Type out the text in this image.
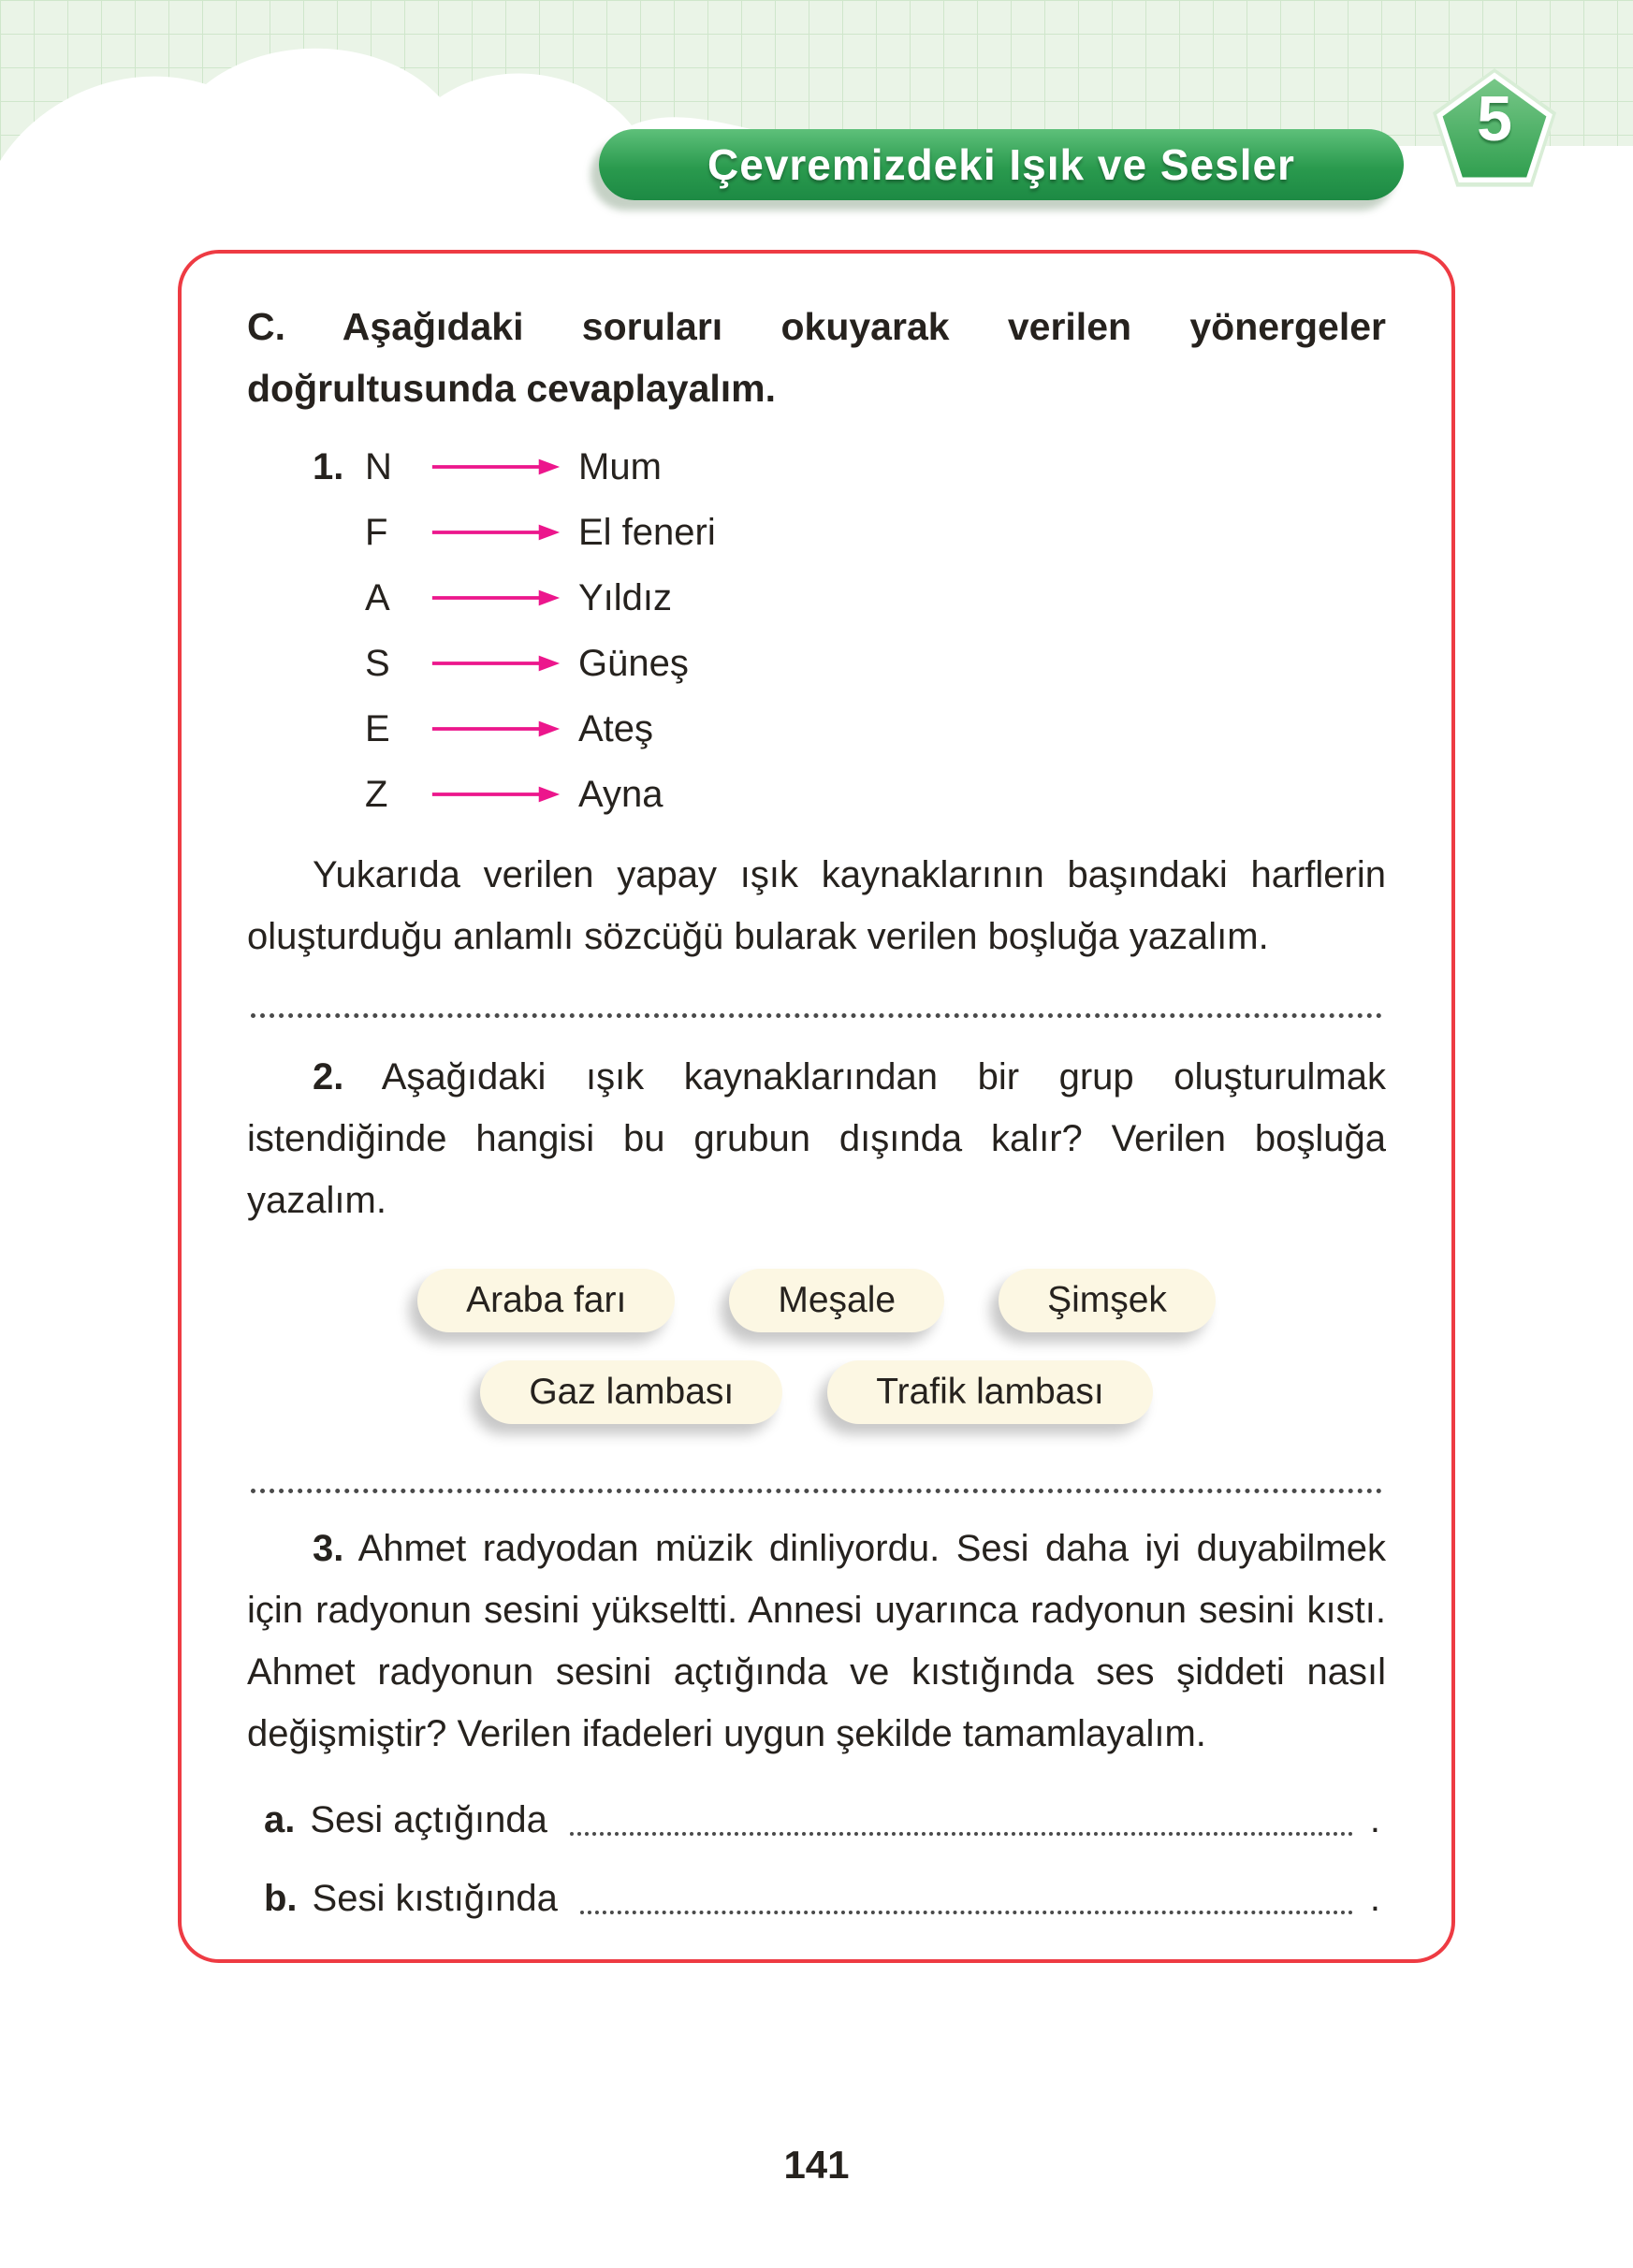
Çevremizdeki Işık ve Sesler
5

C. Aşağıdaki soruları okuyarak verilen yönergeler doğrultusunda cevaplayalım.

1. N	Mum
F	El feneri
A	Yıldız
S	Güneş
E	Ateş
Z	Ayna

Yukarıda verilen yapay ışık kaynaklarının başındaki harflerin oluşturduğu anlamlı sözcüğü bularak verilen boşluğa yazalım.

2. Aşağıdaki ışık kaynaklarından bir grup oluşturulmak istendiğinde hangisi bu grubun dışında kalır? Verilen boşluğa yazalım.

Araba farı	Meşale	Şimşek
Gaz lambası	Trafik lambası

3. Ahmet radyodan müzik dinliyordu. Sesi daha iyi duyabilmek için radyonun sesini yükseltti. Annesi uyarınca radyonun sesini kıstı. Ahmet radyonun sesini açtığında ve kıstığında ses şiddeti nasıl değişmiştir? Verilen ifadeleri uygun şekilde tamamlayalım.

a. Sesi açtığında	.
b. Sesi kıstığında	.
141
